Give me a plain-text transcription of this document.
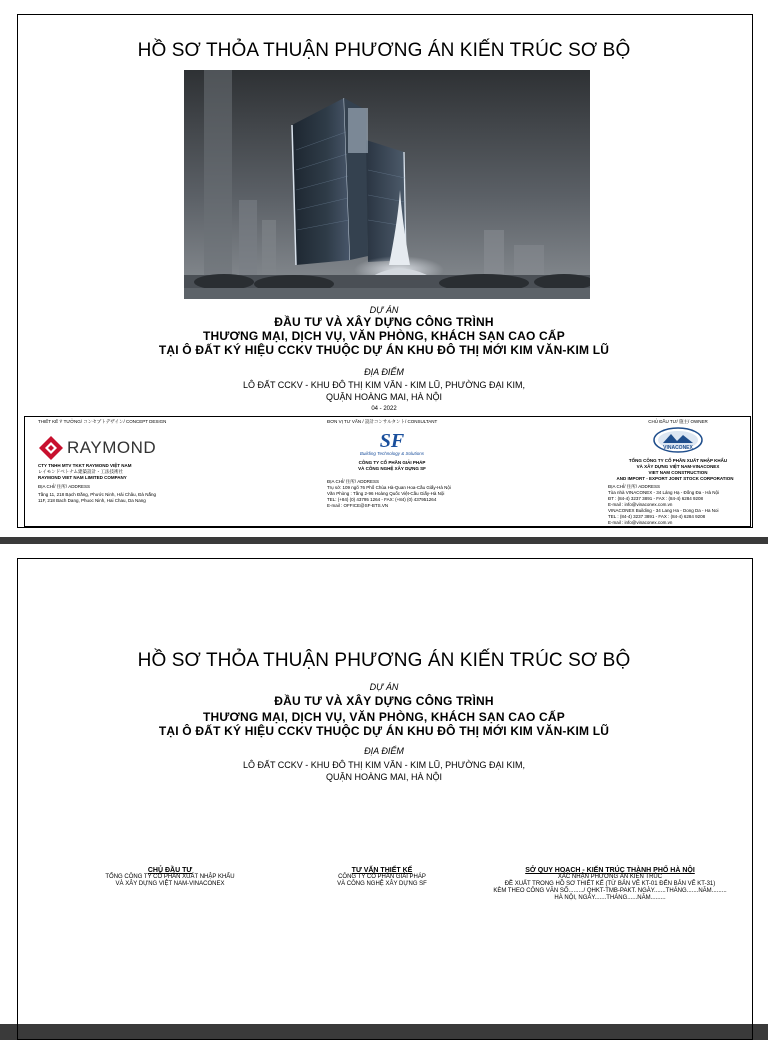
HỒ SƠ THỎA THUẬN PHƯƠNG ÁN KIẾN TRÚC SƠ BỘ
DỰ ÁN
ĐẦU TƯ VÀ XÂY DỰNG CÔNG TRÌNH
THƯƠNG MẠI, DỊCH VỤ, VĂN PHÒNG, KHÁCH SẠN CAO CẤP
TẠI Ô ĐẤT KÝ HIỆU CCKV THUỘC DỰ ÁN KHU ĐÔ THỊ MỚI KIM VĂN-KIM LŨ
ĐỊA ĐIỂM
LÔ ĐẤT CCKV - KHU ĐÔ THỊ KIM VĂN - KIM LŨ, PHƯỜNG ĐẠI KIM,
QUẬN HOÀNG MAI, HÀ NỘI
04 - 2022
THIẾT KẾ Ý TƯỞNG/ コンセプトデザイン/ CONCEPT DESIGN
RAYMOND
CTY TNHH MTV TKKT RAYMOND VIỆT NAM
レイモンドベトナム建築設計・工法技術社
RAYMOND VIET NAM LIMITED COMPANY
ĐỊA CHỈ/ 住所/ ADDRESS
Tầng 11, 218 Bạch Đằng, Phước Ninh, Hải Châu, Đà Nẵng
11F, 218 Bach Dang, Phuoc Ninh, Hai Chau, Da Nang
ĐƠN VỊ TƯ VẤN / 設計コンサルタント/ CONSULTANT
SF
Building Technology & Solutions
CÔNG TY CỔ PHẦN GIẢI PHÁP
VÀ CÔNG NGHỆ XÂY DỰNG SF
ĐỊA CHỈ/ 住所/ ADDRESS
Trụ sở: 109 ngõ 76 Phố Chùa Hà-Quan Hoa-Cầu Giấy-Hà Nội
Văn Phòng : Tầng 2-96 Hoàng Quốc Việt-Cầu Giấy-Hà Nội
TEL: (+84) (0) 43795 1264 - FAX: (+84) (0) 437951264
E-mail : OFFICE@SF-BTS.VN
CHỦ ĐẦU TƯ/ 施主/ OWNER
VINACONEX
TỔNG CÔNG TY CỔ PHẦN XUẤT NHẬP KHẨU
VÀ XÂY DỰNG VIỆT NAM-VINACONEX
VIET NAM CONSTRUCTION
AND IMPORT - EXPORT JOINT STOCK CORPORATION
ĐỊA CHỈ/ 住所/ ADDRESS
Tòa nhà VINACONEX - 34 Láng Hạ - Đống Đa - Hà Nội
ĐT : (84-4) 3237 3891 - FAX : (84-4) 6284 9208
E-mail : info@vinaconex.com.vn
VINACONEX Building - 34 Lang Ha - Dong Da - Ha Noi
TEL : (84-4) 3237 3891 - FAX : (84-4) 6284 9208
E-mail : info@vinaconex.com.vn
HỒ SƠ THỎA THUẬN PHƯƠNG ÁN KIẾN TRÚC SƠ BỘ
DỰ ÁN
ĐẦU TƯ VÀ XÂY DỰNG CÔNG TRÌNH
THƯƠNG MẠI, DỊCH VỤ, VĂN PHÒNG, KHÁCH SẠN CAO CẤP
TẠI Ô ĐẤT KÝ HIỆU CCKV THUỘC DỰ ÁN KHU ĐÔ THỊ MỚI KIM VĂN-KIM LŨ
ĐỊA ĐIỂM
LÔ ĐẤT CCKV - KHU ĐÔ THỊ KIM VĂN - KIM LŨ, PHƯỜNG ĐẠI KIM,
QUẬN HOÀNG MAI, HÀ NỘI
CHỦ ĐẦU TƯ
TỔNG CÔNG TY CỔ PHẦN XUẤT NHẬP KHẨU
VÀ XÂY DỰNG VIỆT NAM-VINACONEX
TƯ VẤN THIẾT KẾ
CÔNG TY CỔ PHẦN GIẢI PHÁP
VÀ CÔNG NGHỆ XÂY DỰNG SF
SỞ QUY HOẠCH - KIẾN TRÚC THÀNH PHỐ HÀ NỘI
XÁC NHẬN PHƯƠNG ÁN KIẾN TRÚC
ĐỀ XUẤT TRONG HỒ SƠ THIẾT KẾ (TỪ BẢN VẼ KT-01 ĐẾN BẢN VẼ KT-31)
KÈM THEO CÔNG VĂN SỐ........./ QHKT-TMB-PAKT. NGÀY.......THÁNG.......NĂM.........
HÀ NỘI, NGÀY.......THÁNG......NĂM.........
